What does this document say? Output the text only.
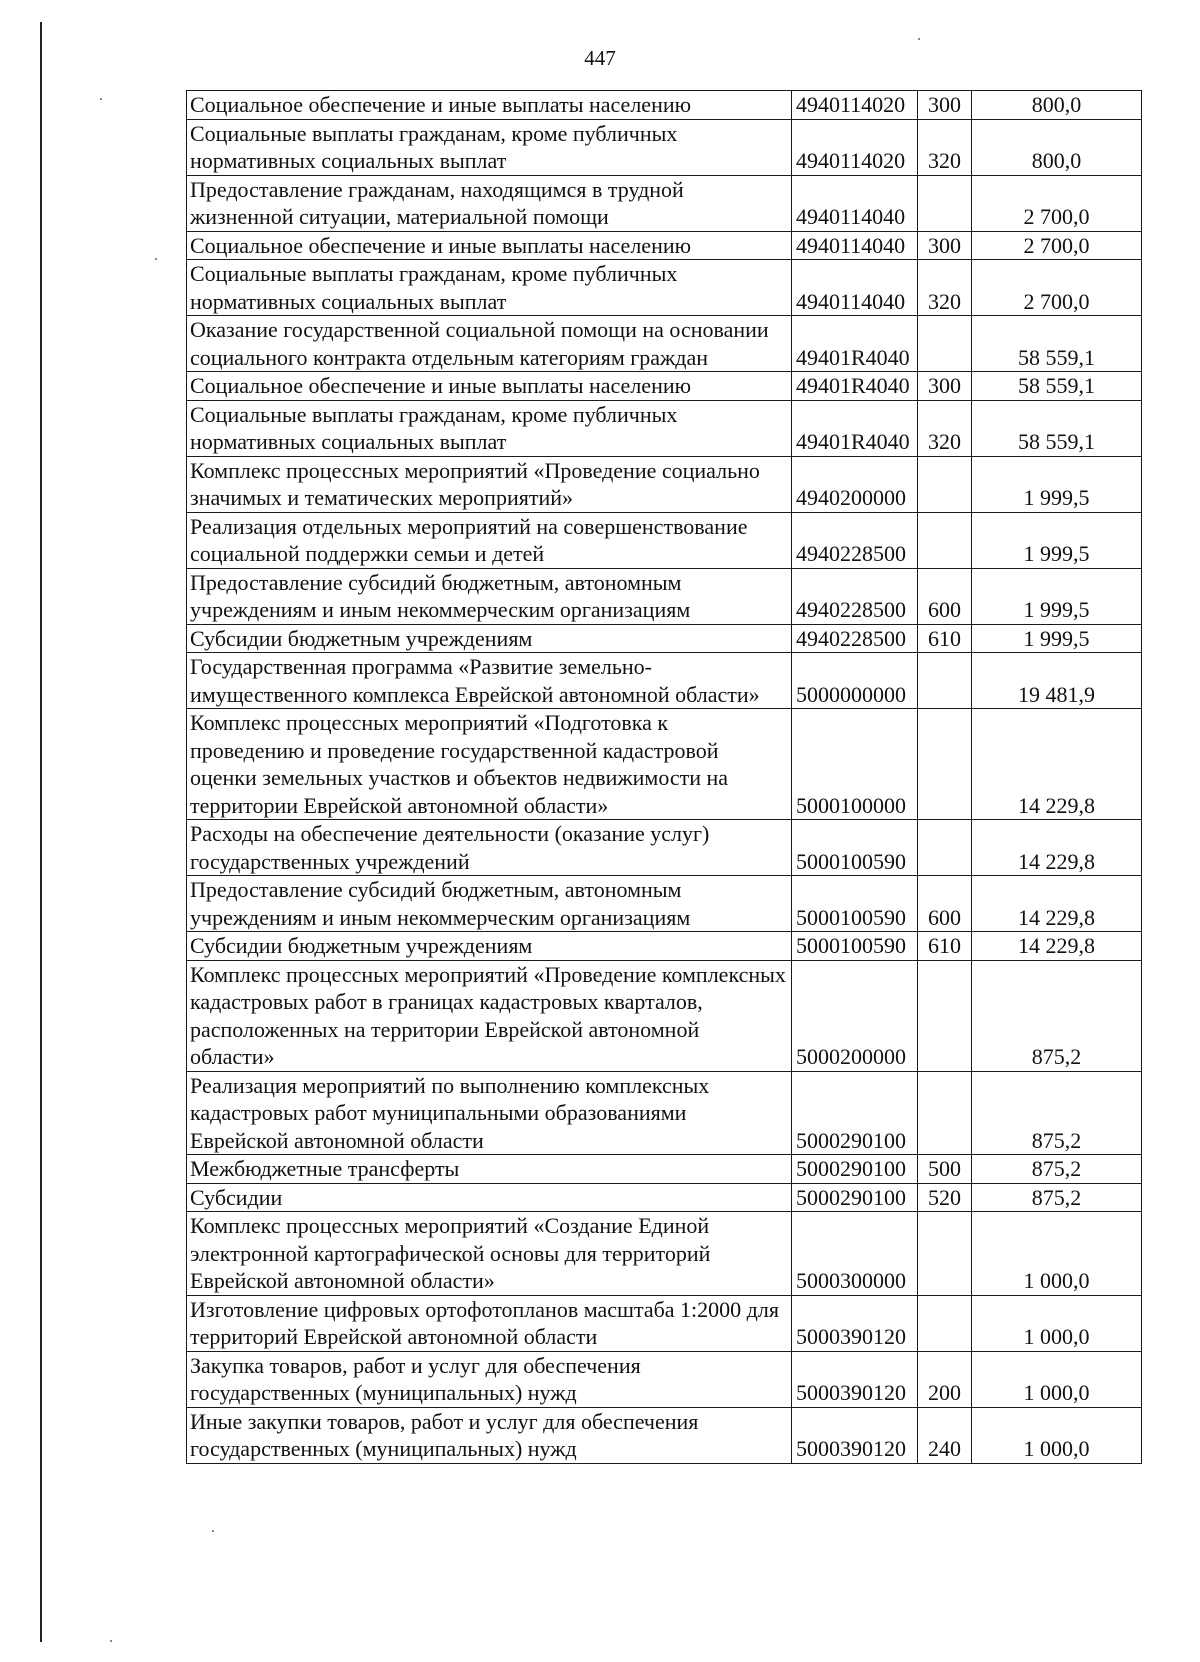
447
Социальное обеспечение и иные выплаты населению	4940114020	300	800,0
Социальные выплаты гражданам, кроме публичных нормативных социальных выплат	4940114020	320	800,0
Предоставление гражданам, находящимся в трудной жизненной ситуации, материальной помощи	4940114040		2 700,0
Социальное обеспечение и иные выплаты населению	4940114040	300	2 700,0
Социальные выплаты гражданам, кроме публичных нормативных социальных выплат	4940114040	320	2 700,0
Оказание государственной социальной помощи на основании социального контракта отдельным категориям граждан	49401R4040		58 559,1
Социальное обеспечение и иные выплаты населению	49401R4040	300	58 559,1
Социальные выплаты гражданам, кроме публичных нормативных социальных выплат	49401R4040	320	58 559,1
Комплекс процессных мероприятий «Проведение социально значимых и тематических мероприятий»	4940200000		1 999,5
Реализация отдельных мероприятий на совершенствование социальной поддержки семьи и детей	4940228500		1 999,5
Предоставление субсидий бюджетным, автономным учреждениям и иным некоммерческим организациям	4940228500	600	1 999,5
Субсидии бюджетным учреждениям	4940228500	610	1 999,5
Государственная программа «Развитие земельно-имущественного комплекса Еврейской автономной области»	5000000000		19 481,9
Комплекс процессных мероприятий «Подготовка к проведению и проведение государственной кадастровой оценки земельных участков и объектов недвижимости на территории Еврейской автономной области»	5000100000		14 229,8
Расходы на обеспечение деятельности (оказание услуг) государственных учреждений	5000100590		14 229,8
Предоставление субсидий бюджетным, автономным учреждениям и иным некоммерческим организациям	5000100590	600	14 229,8
Субсидии бюджетным учреждениям	5000100590	610	14 229,8
Комплекс процессных мероприятий «Проведение комплексных кадастровых работ в границах кадастровых кварталов, расположенных на территории Еврейской автономной области»	5000200000		875,2
Реализация мероприятий по выполнению комплексных кадастровых работ муниципальными образованиями Еврейской автономной области	5000290100		875,2
Межбюджетные трансферты	5000290100	500	875,2
Субсидии	5000290100	520	875,2
Комплекс процессных мероприятий «Создание Единой электронной картографической основы для территорий Еврейской автономной области»	5000300000		1 000,0
Изготовление цифровых ортофотопланов масштаба 1:2000 для территорий Еврейской автономной области	5000390120		1 000,0
Закупка товаров, работ и услуг для обеспечения государственных (муниципальных) нужд	5000390120	200	1 000,0
Иные закупки товаров, работ и услуг для обеспечения государственных (муниципальных) нужд	5000390120	240	1 000,0
